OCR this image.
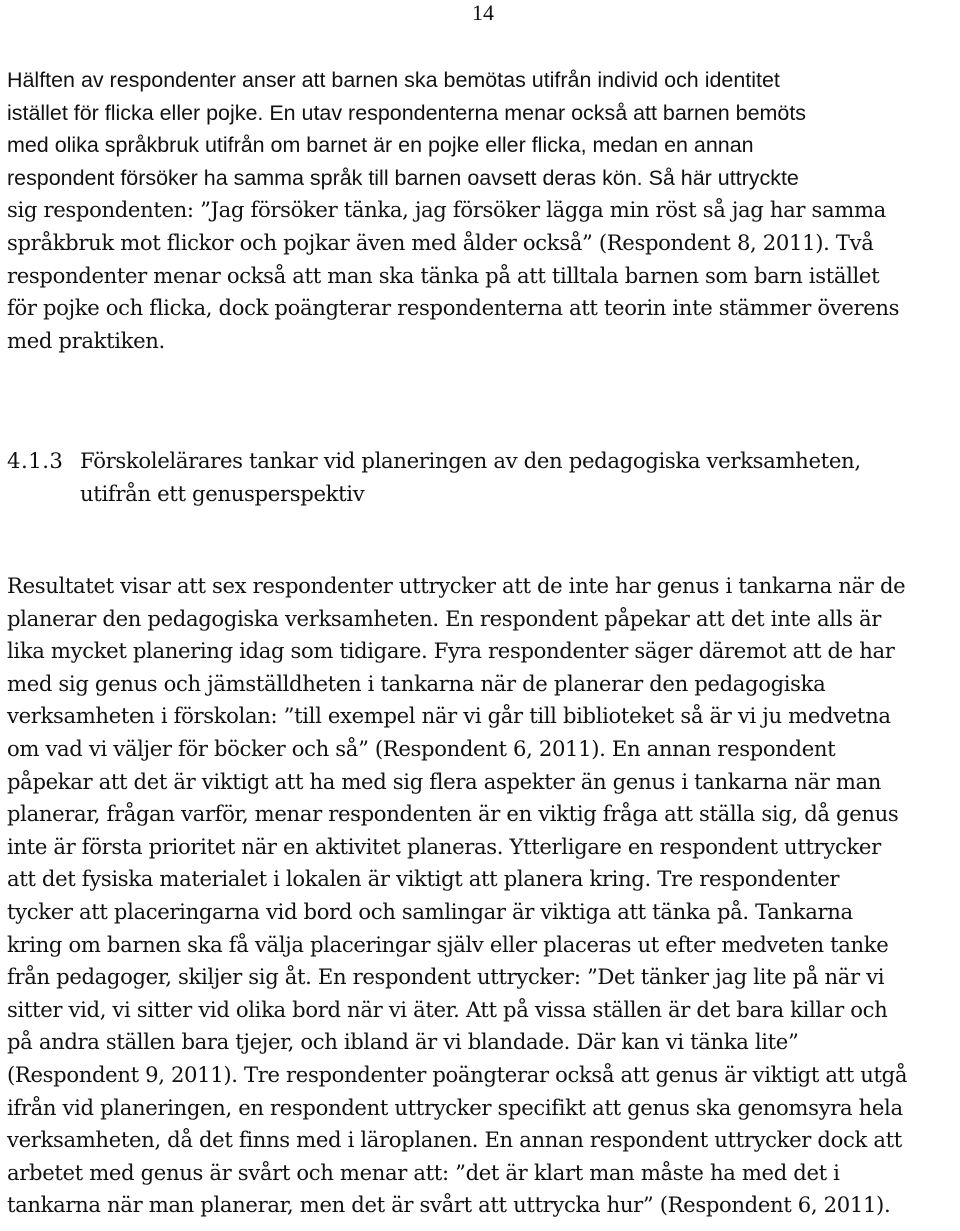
14
Hälften av respondenter anser att barnen ska bemötas utifrån individ och identitet
istället för flicka eller pojke. En utav respondenterna menar också att barnen bemöts
med olika språkbruk utifrån om barnet är en pojke eller flicka, medan en annan
respondent försöker ha samma språk till barnen oavsett deras kön. Så här uttryckte
sig respondenten: ”Jag försöker tänka, jag försöker lägga min röst så jag har samma
språkbruk mot flickor och pojkar även med ålder också” (Respondent 8, 2011). Två
respondenter menar också att man ska tänka på att tilltala barnen som barn istället
för pojke och flicka, dock poängterar respondenterna att teorin inte stämmer överens
med praktiken.
4.1.3 Förskolelärares tankar vid planeringen av den pedagogiska verksamheten,
utifrån ett genusperspektiv
Resultatet visar att sex respondenter uttrycker att de inte har genus i tankarna när de
planerar den pedagogiska verksamheten. En respondent påpekar att det inte alls är
lika mycket planering idag som tidigare. Fyra respondenter säger däremot att de har
med sig genus och jämställdheten i tankarna när de planerar den pedagogiska
verksamheten i förskolan: ”till exempel när vi går till biblioteket så är vi ju medvetna
om vad vi väljer för böcker och så” (Respondent 6, 2011). En annan respondent
påpekar att det är viktigt att ha med sig flera aspekter än genus i tankarna när man
planerar, frågan varför, menar respondenten är en viktig fråga att ställa sig, då genus
inte är första prioritet när en aktivitet planeras. Ytterligare en respondent uttrycker
att det fysiska materialet i lokalen är viktigt att planera kring. Tre respondenter
tycker att placeringarna vid bord och samlingar är viktiga att tänka på. Tankarna
kring om barnen ska få välja placeringar själv eller placeras ut efter medveten tanke
från pedagoger, skiljer sig åt. En respondent uttrycker: ”Det tänker jag lite på när vi
sitter vid, vi sitter vid olika bord när vi äter. Att på vissa ställen är det bara killar och
på andra ställen bara tjejer, och ibland är vi blandade. Där kan vi tänka lite”
(Respondent 9, 2011). Tre respondenter poängterar också att genus är viktigt att utgå
ifrån vid planeringen, en respondent uttrycker specifikt att genus ska genomsyra hela
verksamheten, då det finns med i läroplanen. En annan respondent uttrycker dock att
arbetet med genus är svårt och menar att: ”det är klart man måste ha med det i
tankarna när man planerar, men det är svårt att uttrycka hur” (Respondent 6, 2011).
